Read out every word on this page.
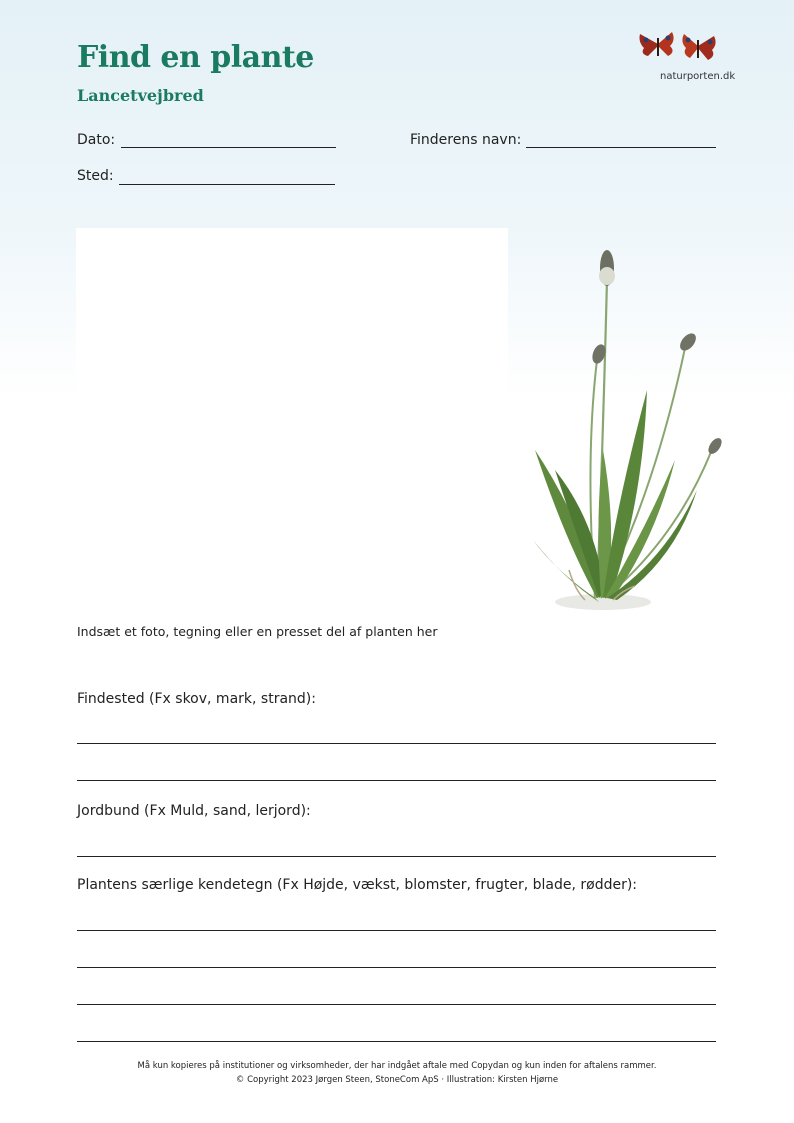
Find en plante
Lancetvejbred
naturporten.dk
Dato:	Finderens navn:
Sted:
Indsæt et foto, tegning eller en presset del af planten her
Findested (Fx skov, mark, strand):
Jordbund (Fx Muld, sand, lerjord):
Plantens særlige kendetegn (Fx Højde, vækst, blomster, frugter, blade, rødder):
Må kun kopieres på institutioner og virksomheder, der har indgået aftale med Copydan og kun inden for aftalens rammer.
© Copyright 2023 Jørgen Steen, StoneCom ApS · Illustration: Kirsten Hjørne
